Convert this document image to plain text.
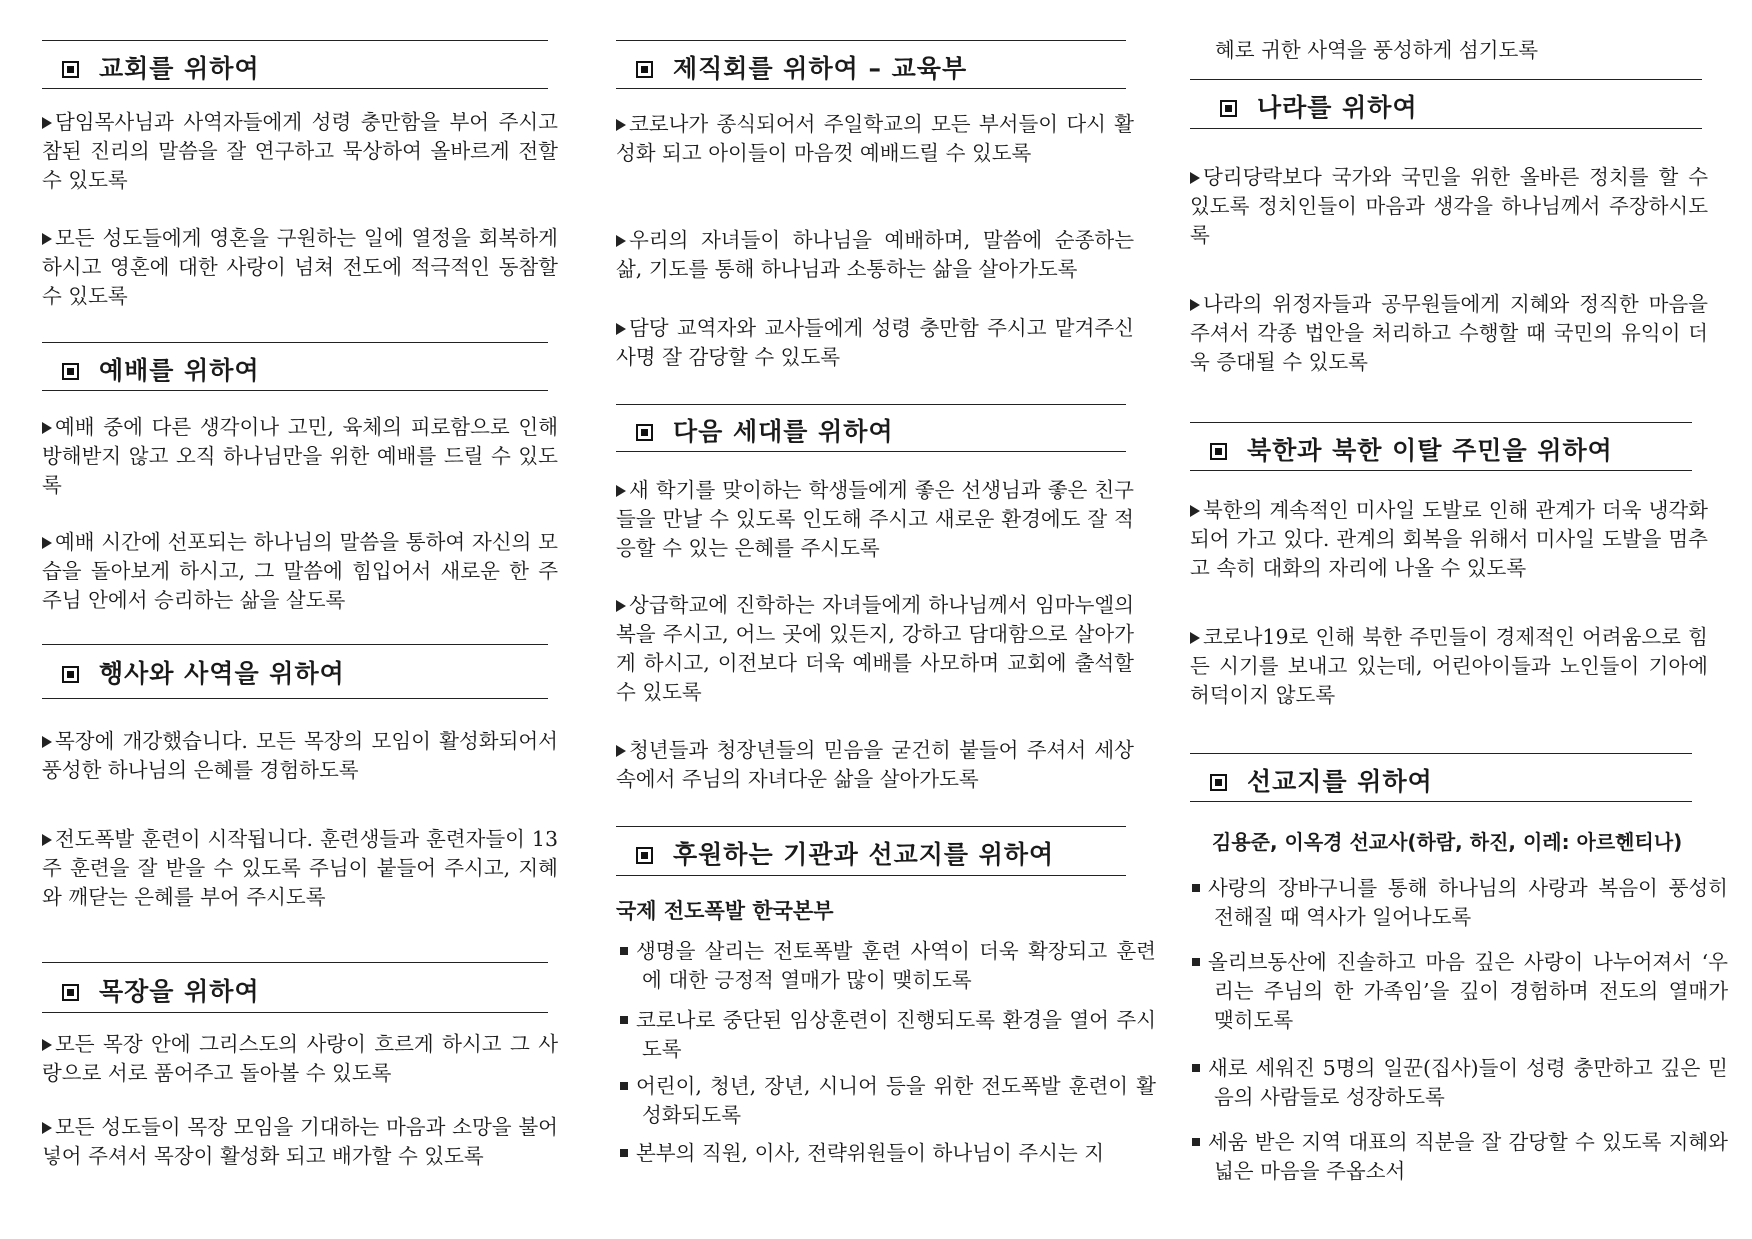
교회를 위하여
담임목사님과 사역자들에게 성령 충만함을 부어 주시고 참된 진리의 말씀을 잘 연구하고 묵상하여 올바르게 전할 수 있도록
모든 성도들에게 영혼을 구원하는 일에 열정을 회복하게 하시고 영혼에 대한 사랑이 넘쳐 전도에 적극적인 동참할 수 있도록
예배를 위하여
예배 중에 다른 생각이나 고민, 육체의 피로함으로 인해 방해받지 않고 오직 하나님만을 위한 예배를 드릴 수 있도록
예배 시간에 선포되는 하나님의 말씀을 통하여 자신의 모습을 돌아보게 하시고, 그 말씀에 힘입어서 새로운 한 주 주님 안에서 승리하는 삶을 살도록
행사와 사역을 위하여
목장에 개강했습니다. 모든 목장의 모임이 활성화되어서 풍성한 하나님의 은혜를 경험하도록
전도폭발 훈련이 시작됩니다. 훈련생들과 훈련자들이 13주 훈련을 잘 받을 수 있도록 주님이 붙들어 주시고, 지혜와 깨닫는 은혜를 부어 주시도록
목장을 위하여
모든 목장 안에 그리스도의 사랑이 흐르게 하시고 그 사랑으로 서로 품어주고 돌아볼 수 있도록
모든 성도들이 목장 모임을 기대하는 마음과 소망을 불어 넣어 주셔서 목장이 활성화 되고 배가할 수 있도록
제직회를 위하여 – 교육부
코로나가 종식되어서 주일학교의 모든 부서들이 다시 활성화 되고 아이들이 마음껏 예배드릴 수 있도록
우리의 자녀들이 하나님을 예배하며, 말씀에 순종하는 삶, 기도를 통해 하나님과 소통하는 삶을 살아가도록
담당 교역자와 교사들에게 성령 충만함 주시고 맡겨주신 사명 잘 감당할 수 있도록
다음 세대를 위하여
새 학기를 맞이하는 학생들에게 좋은 선생님과 좋은 친구들을 만날 수 있도록 인도해 주시고 새로운 환경에도 잘 적응할 수 있는 은혜를 주시도록
상급학교에 진학하는 자녀들에게 하나님께서 임마누엘의 복을 주시고, 어느 곳에 있든지, 강하고 담대함으로 살아가게 하시고, 이전보다 더욱 예배를 사모하며 교회에 출석할 수 있도록
청년들과 청장년들의 믿음을 굳건히 붙들어 주셔서 세상 속에서 주님의 자녀다운 삶을 살아가도록
후원하는 기관과 선교지를 위하여
국제 전도폭발 한국본부
생명을 살리는 전토폭발 훈련 사역이 더욱 확장되고 훈련에 대한 긍정적 열매가 많이 맺히도록
코로나로 중단된 임상훈련이 진행되도록 환경을 열어 주시도록
어린이, 청년, 장년, 시니어 등을 위한 전도폭발 훈련이 활성화되도록
본부의 직원, 이사, 전략위원들이 하나님이 주시는 지
혜로 귀한 사역을 풍성하게 섬기도록
나라를 위하여
당리당락보다 국가와 국민을 위한 올바른 정치를 할 수 있도록 정치인들이 마음과 생각을 하나님께서 주장하시도록
나라의 위정자들과 공무원들에게 지혜와 정직한 마음을 주셔서 각종 법안을 처리하고 수행할 때 국민의 유익이 더욱 증대될 수 있도록
북한과 북한 이탈 주민을 위하여
북한의 계속적인 미사일 도발로 인해 관계가 더욱 냉각화되어 가고 있다. 관계의 회복을 위해서 미사일 도발을 멈추고 속히 대화의 자리에 나올 수 있도록
코로나19로 인해 북한 주민들이 경제적인 어려움으로 힘든 시기를 보내고 있는데, 어린아이들과 노인들이 기아에 허덕이지 않도록
선교지를 위하여
김용준, 이옥경 선교사(하람, 하진, 이레: 아르헨티나)
사랑의 장바구니를 통해 하나님의 사랑과 복음이 풍성히 전해질 때 역사가 일어나도록
올리브동산에 진솔하고 마음 깊은 사랑이 나누어져서 ‘우리는 주님의 한 가족임’을 깊이 경험하며 전도의 열매가 맺히도록
새로 세워진 5명의 일꾼(집사)들이 성령 충만하고 깊은 믿음의 사람들로 성장하도록
세움 받은 지역 대표의 직분을 잘 감당할 수 있도록 지혜와 넓은 마음을 주옵소서
